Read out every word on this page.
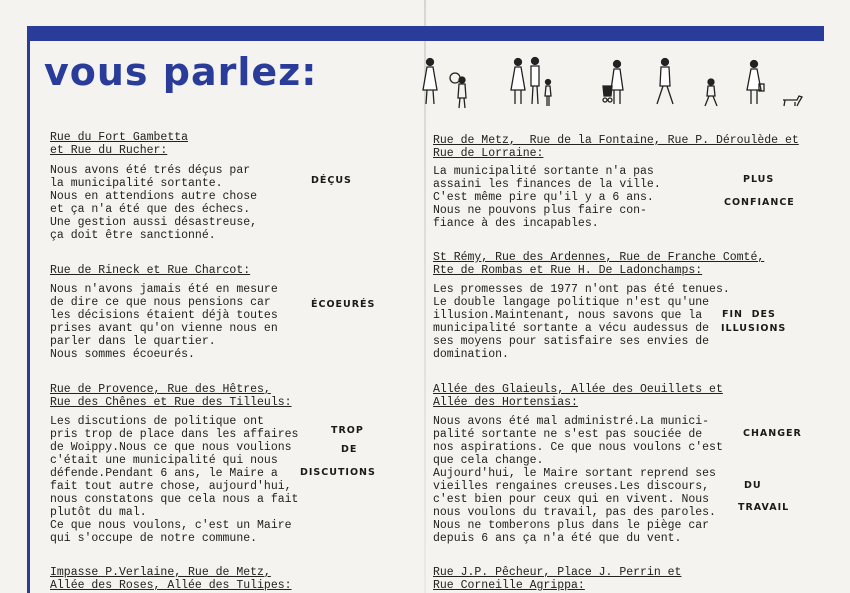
vous parlez:
Rue du Fort Gambetta
et Rue du Rucher:
Nous avons été trés déçus par
la municipalité sortante.
Nous en attendions autre chose
et ça n'a été que des échecs.
Une gestion aussi désastreuse,
ça doit être sanctionné.
DÉÇUS
Rue de Rineck et Rue Charcot:
Nous n'avons jamais été en mesure
de dire ce que nous pensions car
les décisions étaient déjà toutes
prises avant qu'on vienne nous en
parler dans le quartier.
Nous sommes écoeurés.
ÉCOEURÉS
Rue de Provence, Rue des Hêtres,
Rue des Chênes et Rue des Tilleuls:
Les discutions de politique ont
pris trop de place dans les affaires
de Woippy.Nous ce que nous voulions
c'était une municipalité qui nous
défende.Pendant 6 ans, le Maire a
fait tout autre chose, aujourd'hui,
nous constatons que cela nous a fait
plutôt du mal.
Ce que nous voulons, c'est un Maire
qui s'occupe de notre commune.
TROP
DE
DISCUTIONS
Impasse P.Verlaine, Rue de Metz,
Allée des Roses, Allée des Tulipes:
Rue de Metz,  Rue de la Fontaine, Rue P. Déroulède et
Rue de Lorraine:
La municipalité sortante n'a pas
assaini les finances de la ville.
C'est même pire qu'il y a 6 ans.
Nous ne pouvons plus faire con-
fiance à des incapables.
PLUS
CONFIANCE
St Rémy, Rue des Ardennes, Rue de Franche Comté,
Rte de Rombas et Rue H. De Ladonchamps:
Les promesses de 1977 n'ont pas été tenues.
Le double langage politique n'est qu'une
illusion.Maintenant, nous savons que la
municipalité sortante a vécu audessus de
ses moyens pour satisfaire ses envies de
domination.
FIN  DES
ILLUSIONS
Allée des Glaieuls, Allée des Oeuillets et
Allée des Hortensias:
Nous avons été mal administré.La munici-
palité sortante ne s'est pas souciée de
nos aspirations. Ce que nous voulons c'est
que cela change.
Aujourd'hui, le Maire sortant reprend ses
vieilles rengaines creuses.Les discours,
c'est bien pour ceux qui en vivent. Nous
nous voulons du travail, pas des paroles.
Nous ne tomberons plus dans le piège car
depuis 6 ans ça n'a été que du vent.
CHANGER
DU
TRAVAIL
Rue J.P. Pêcheur, Place J. Perrin et
Rue Corneille Agrippa:
